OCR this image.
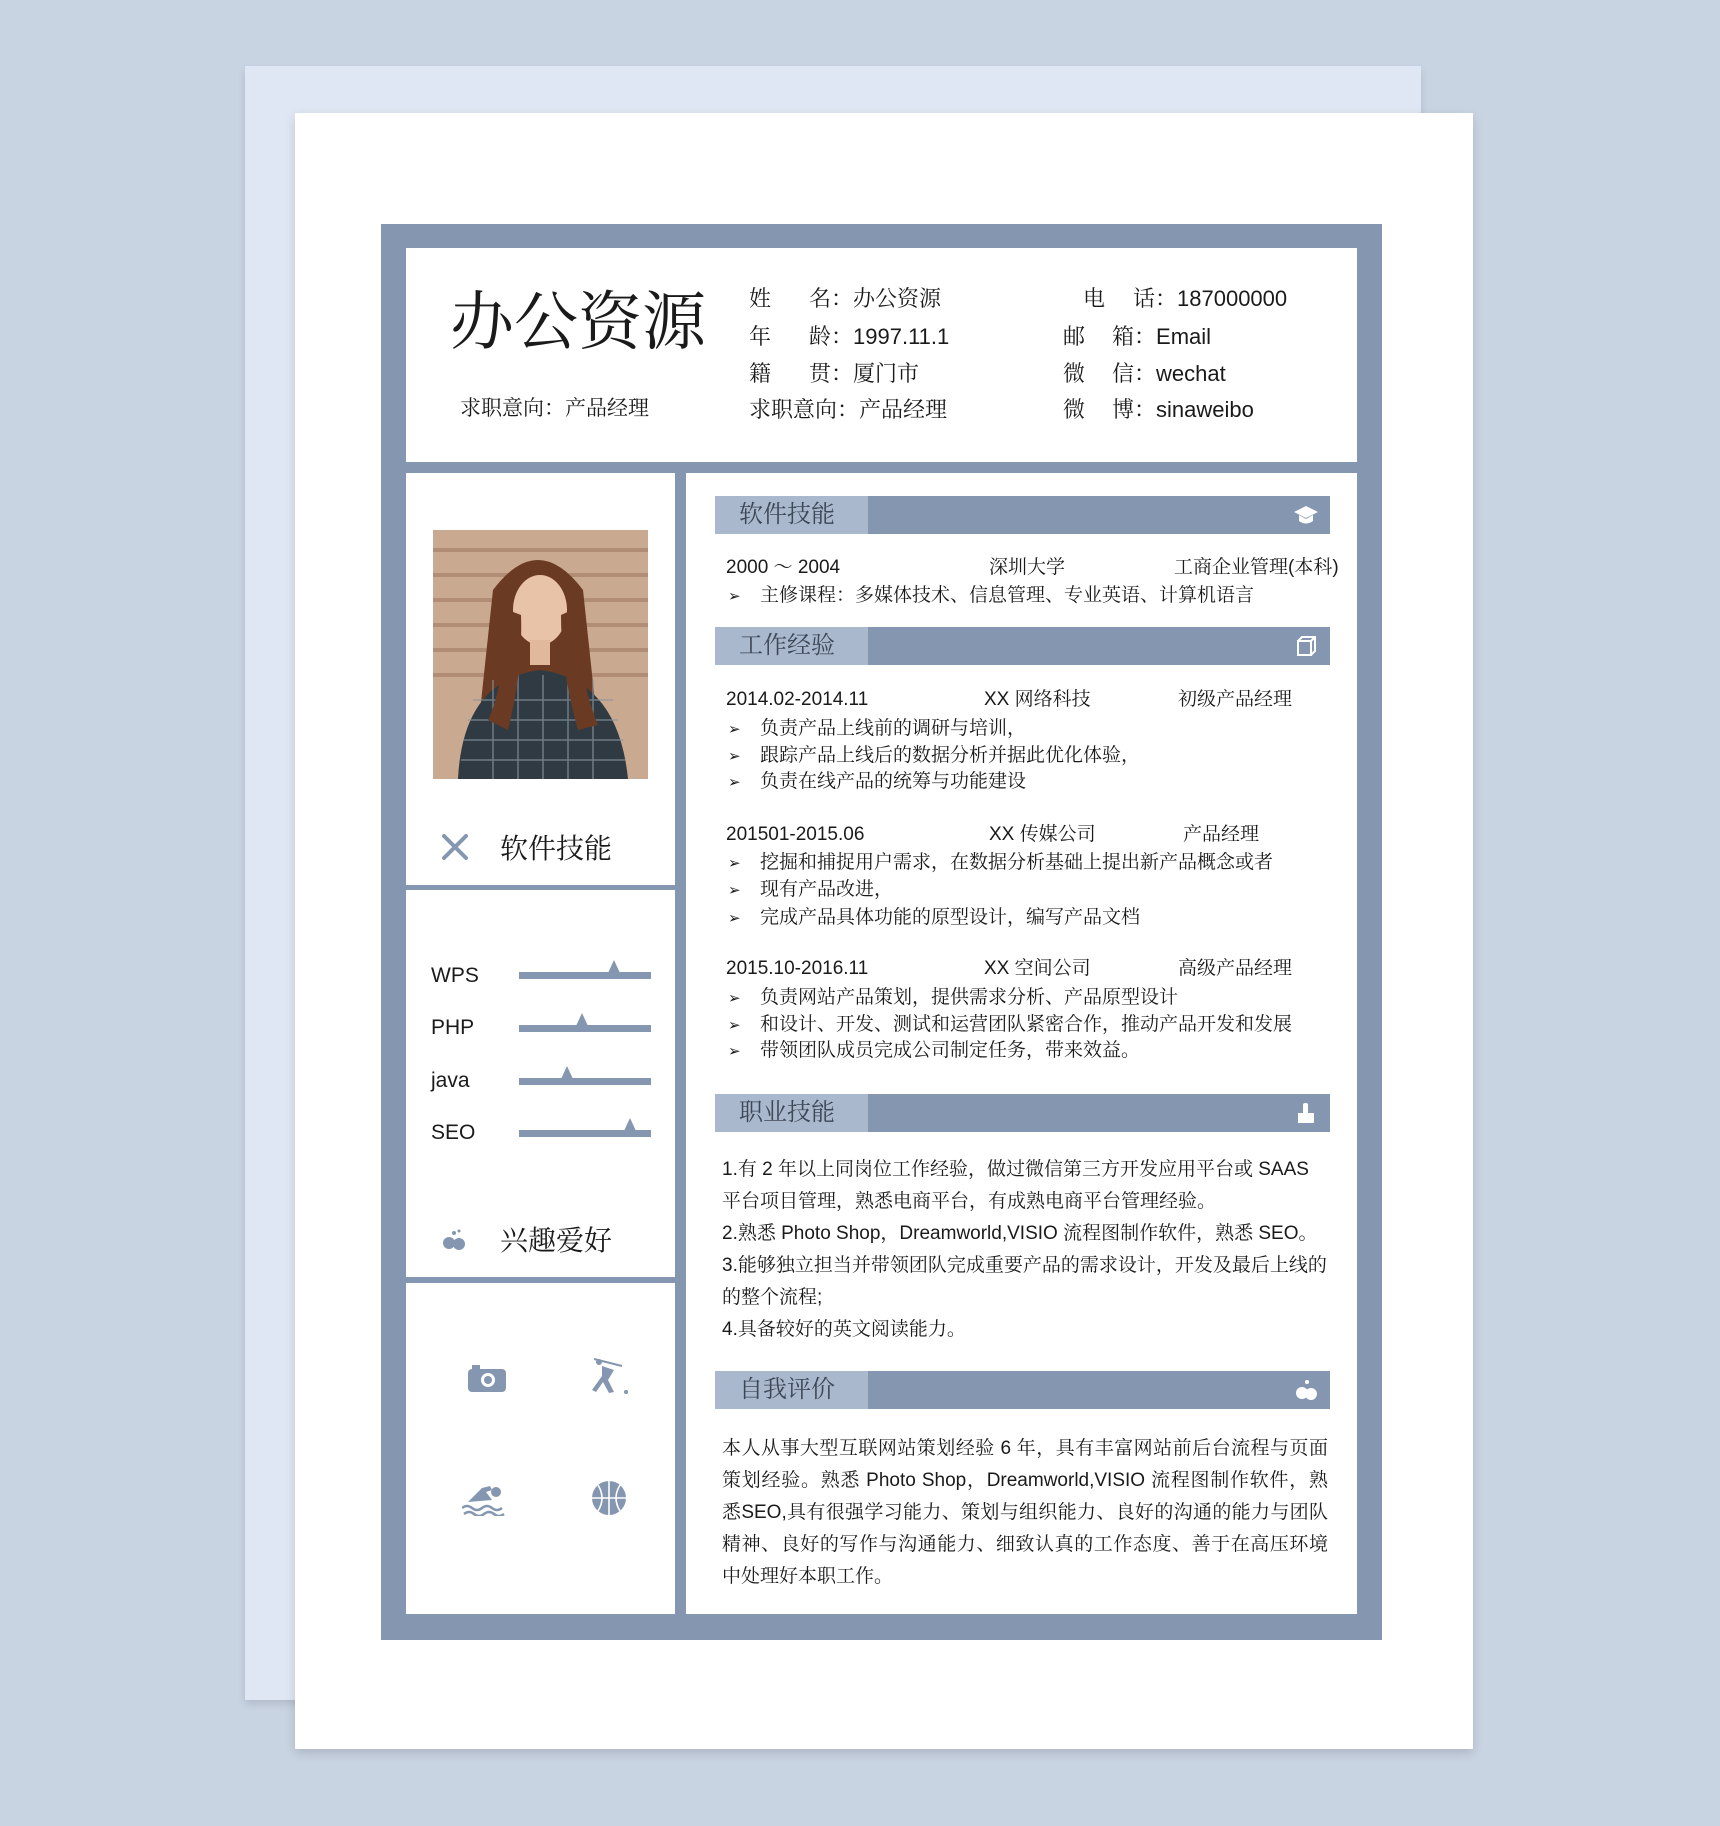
办公资源
求职意向：产品经理
姓 名：办公资源
年 龄：1997.11.1
籍 贯：厦门市
求职意向：产品经理
电 话：187000000
邮 箱：Email
微 信：wechat
微 博：sinaweibo
软件技能
WPS
PHP
java
SEO
兴趣爱好
软件技能
2000 ～ 2004	深圳大学	工商企业管理(本科)
➢ 主修课程：多媒体技术、信息管理、专业英语、计算机语言
工作经验
2014.02-2014.11	XX 网络科技	初级产品经理
➢ 负责产品上线前的调研与培训，
➢ 跟踪产品上线后的数据分析并据此优化体验，
➢ 负责在线产品的统筹与功能建设
201501-2015.06	XX 传媒公司	产品经理
➢ 挖掘和捕捉用户需求，在数据分析基础上提出新产品概念或者
➢ 现有产品改进，
➢ 完成产品具体功能的原型设计，编写产品文档
2015.10-2016.11	XX 空间公司	高级产品经理
➢ 负责网站产品策划，提供需求分析、产品原型设计
➢ 和设计、开发、测试和运营团队紧密合作，推动产品开发和发展
➢ 带领团队成员完成公司制定任务，带来效益。
职业技能
1.有 2 年以上同岗位工作经验，做过微信第三方开发应用平台或 SAAS 平台项目管理，熟悉电商平台，有成熟电商平台管理经验。
2.熟悉 Photo Shop，Dreamworld,VISIO 流程图制作软件，熟悉 SEO。
3.能够独立担当并带领团队完成重要产品的需求设计，开发及最后上线的的整个流程;
4.具备较好的英文阅读能力。
自我评价
本人从事大型互联网站策划经验 6 年，具有丰富网站前后台流程与页面策划经验。熟悉 Photo Shop，Dreamworld,VISIO 流程图制作软件，熟悉SEO,具有很强学习能力、策划与组织能力、良好的沟通的能力与团队精神、良好的写作与沟通能力、细致认真的工作态度、善于在高压环境中处理好本职工作。
